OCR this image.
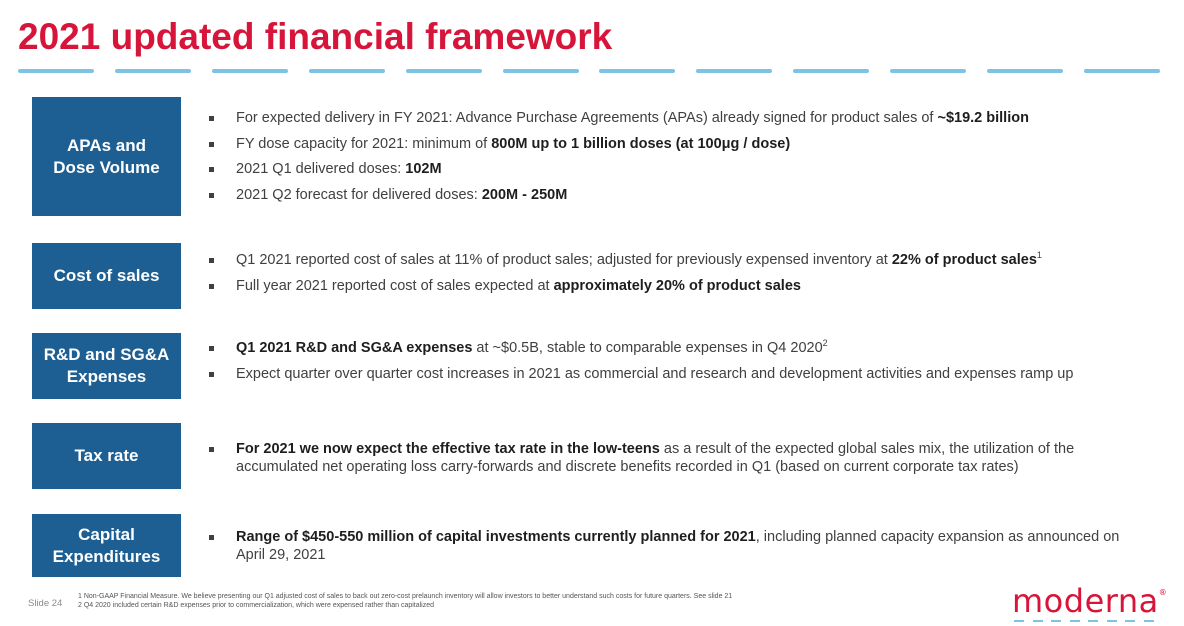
2021 updated financial framework
APAs and
Dose Volume
For expected delivery in FY 2021: Advance Purchase Agreements (APAs) already signed for product sales of ~$19.2 billion
FY dose capacity for 2021: minimum of 800M up to 1 billion doses (at 100μg / dose)
2021 Q1 delivered doses: 102M
2021 Q2 forecast for delivered doses: 200M - 250M
Cost of sales
Q1 2021 reported cost of sales at 11% of product sales; adjusted for previously expensed inventory at 22% of product sales$^1$
Full year 2021 reported cost of sales expected at approximately 20% of product sales
R&D and SG&A
Expenses
Q1 2021 R&D and SG&A expenses at ~$0.5B, stable to comparable expenses in Q4 2020$^2$
Expect quarter over quarter cost increases in 2021 as commercial and research and development activities and expenses ramp up
Tax rate	For 2021 we now expect the effective tax rate in the low-teens as a result of the expected global sales mix, the utilization of the accumulated net operating loss carry-forwards and discrete benefits recorded in Q1 (based on current corporate tax rates)
Capital
Expenditures
Range of $450-550 million of capital investments currently planned for 2021, including planned capacity expansion as announced on April 29, 2021
Slide 24
1 Non-GAAP Financial Measure. We believe presenting our Q1 adjusted cost of sales to back out zero-cost prelaunch inventory will allow investors to better understand such costs for future quarters. See slide 21
2 Q4 2020 included certain R&D expenses prior to commercialization, which were expensed rather than capitalized	moderna®
